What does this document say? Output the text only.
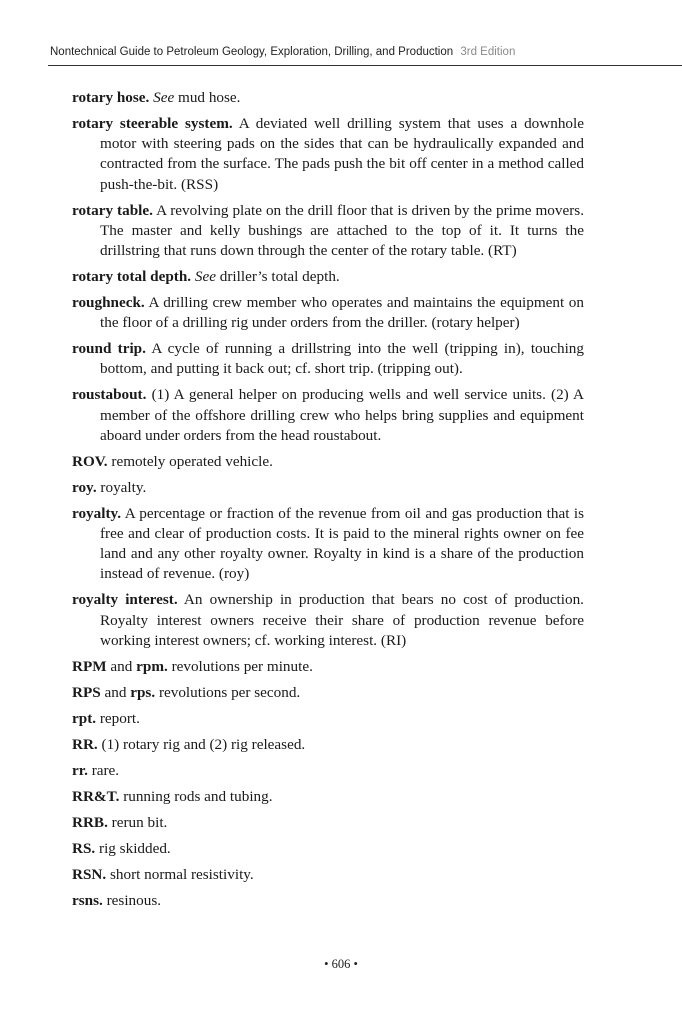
Nontechnical Guide to Petroleum Geology, Exploration, Drilling, and Production 3rd Edition

rotary hose. See mud hose.

rotary steerable system. A deviated well drilling system that uses a downhole motor with steering pads on the sides that can be hydraulically expanded and contracted from the surface. The pads push the bit off center in a method called push-the-bit. (RSS)

rotary table. A revolving plate on the drill floor that is driven by the prime movers. The master and kelly bushings are attached to the top of it. It turns the drillstring that runs down through the center of the rotary table. (RT)

rotary total depth. See driller’s total depth.

roughneck. A drilling crew member who operates and maintains the equipment on the floor of a drilling rig under orders from the driller. (rotary helper)

round trip. A cycle of running a drillstring into the well (tripping in), touching bottom, and putting it back out; cf. short trip. (tripping out).

roustabout. (1) A general helper on producing wells and well service units. (2) A member of the offshore drilling crew who helps bring supplies and equipment aboard under orders from the head roustabout.

ROV. remotely operated vehicle.

roy. royalty.

royalty. A percentage or fraction of the revenue from oil and gas production that is free and clear of production costs. It is paid to the mineral rights owner on fee land and any other royalty owner. Royalty in kind is a share of the production instead of revenue. (roy)

royalty interest. An ownership in production that bears no cost of production. Royalty interest owners receive their share of production revenue before working interest owners; cf. working interest. (RI)

RPM and rpm. revolutions per minute.

RPS and rps. revolutions per second.

rpt. report.

RR. (1) rotary rig and (2) rig released.

rr. rare.

RR&T. running rods and tubing.

RRB. rerun bit.

RS. rig skidded.

RSN. short normal resistivity.

rsns. resinous.

• 606 •
